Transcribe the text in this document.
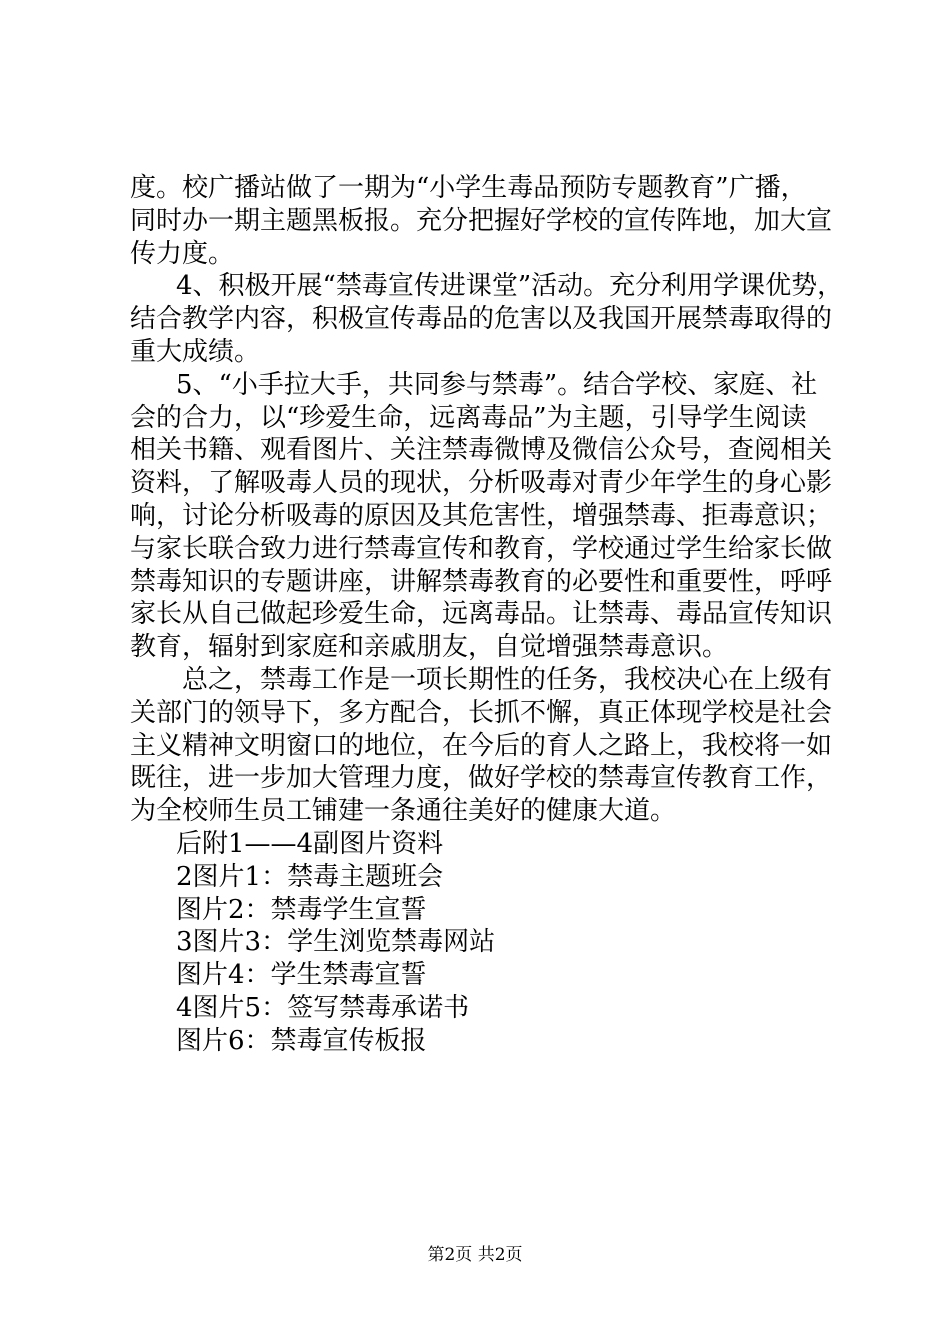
度。校广播站做了一期为“小学生毒品预防专题教育”广播，
同时办一期主题黑板报。充分把握好学校的宣传阵地，加大宣
传力度。
4、积极开展“禁毒宣传进课堂”活动。充分利用学课优势，
结合教学内容，积极宣传毒品的危害以及我国开展禁毒取得的
重大成绩。
5、“小手拉大手，共同参与禁毒”。结合学校、家庭、社
会的合力，以“珍爱生命，远离毒品”为主题，引导学生阅读
相关书籍、观看图片、关注禁毒微博及微信公众号，查阅相关
资料，了解吸毒人员的现状，分析吸毒对青少年学生的身心影
响，讨论分析吸毒的原因及其危害性，增强禁毒、拒毒意识；
与家长联合致力进行禁毒宣传和教育，学校通过学生给家长做
禁毒知识的专题讲座，讲解禁毒教育的必要性和重要性，呼呼
家长从自己做起珍爱生命，远离毒品。让禁毒、毒品宣传知识
教育，辐射到家庭和亲戚朋友，自觉增强禁毒意识。
总之，禁毒工作是一项长期性的任务，我校决心在上级有
关部门的领导下，多方配合，长抓不懈，真正体现学校是社会
主义精神文明窗口的地位，在今后的育人之路上，我校将一如
既往，进一步加大管理力度，做好学校的禁毒宣传教育工作，
为全校师生员工铺建一条通往美好的健康大道。
后附1——4副图片资料
2图片1：禁毒主题班会
图片2：禁毒学生宣誓
3图片3：学生浏览禁毒网站
图片4：学生禁毒宣誓
4图片5：签写禁毒承诺书
图片6：禁毒宣传板报
第2页 共2页
